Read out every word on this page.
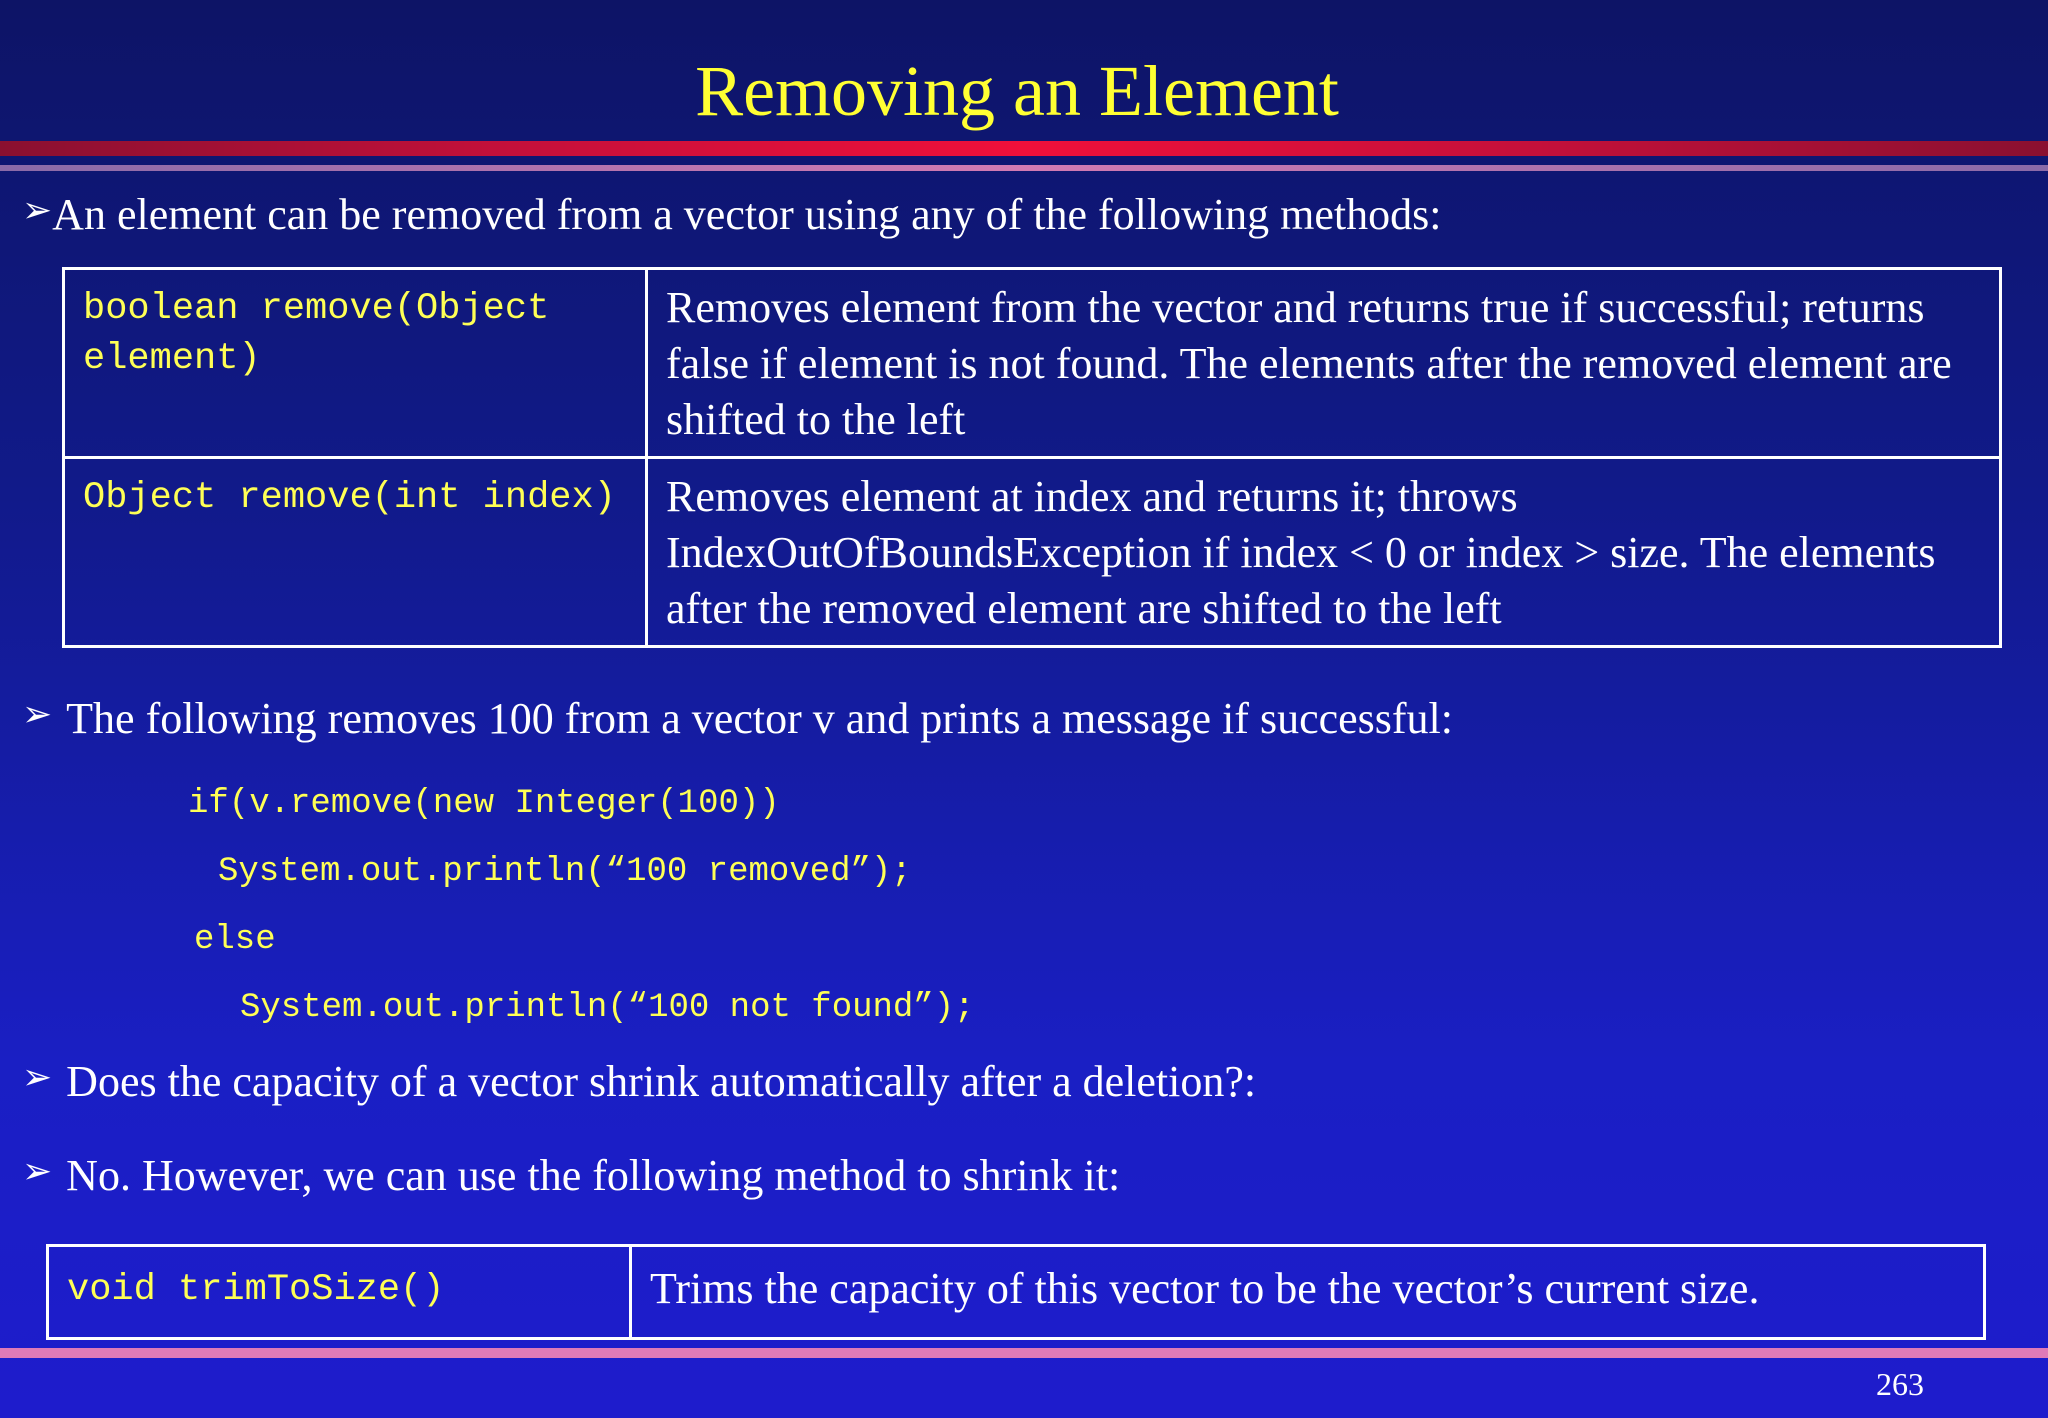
Removing an Element
➢An element can be removed from a vector using any of the following methods:
boolean remove(Object element)	Removes element from the vector and returns true if successful; returns false if element is not found. The elements after the removed element are shifted to the left

Object remove(int index)	Removes element at index and returns it; throws IndexOutOfBoundsException if index < 0 or index > size. The elements after the removed element are shifted to the left
➢ The following removes 100 from a vector v and prints a message if successful:
if(v.remove(new Integer(100))
System.out.println(“100 removed”);
else
System.out.println(“100 not found”);
➢ Does the capacity of a vector shrink automatically after a deletion?:
➢ No. However, we can use the following method to shrink it:
void trimToSize()	Trims the capacity of this vector to be the vector’s current size.
263
